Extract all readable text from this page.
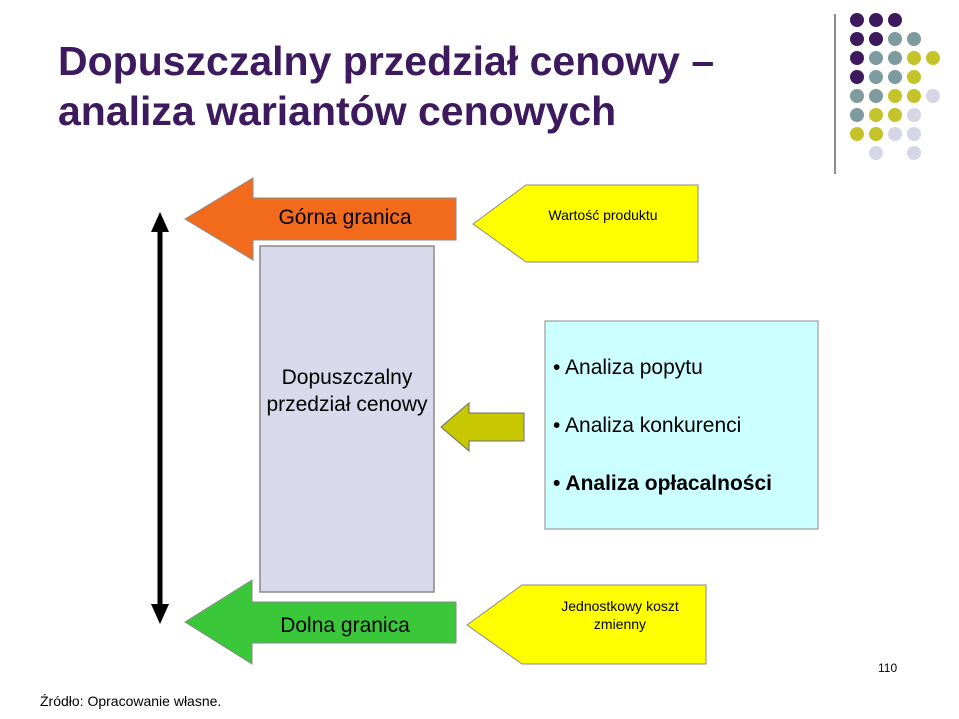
Dopuszczalny przedział cenowy – analiza wariantów cenowych
Górna granica
Dolna granica
Dopuszczalny przedział cenowy
Wartość produktu
Jednostkowy koszt zmienny
• Analiza popytu
• Analiza konkurenci
• Analiza opłacalności
110
Źródło: Opracowanie własne.
